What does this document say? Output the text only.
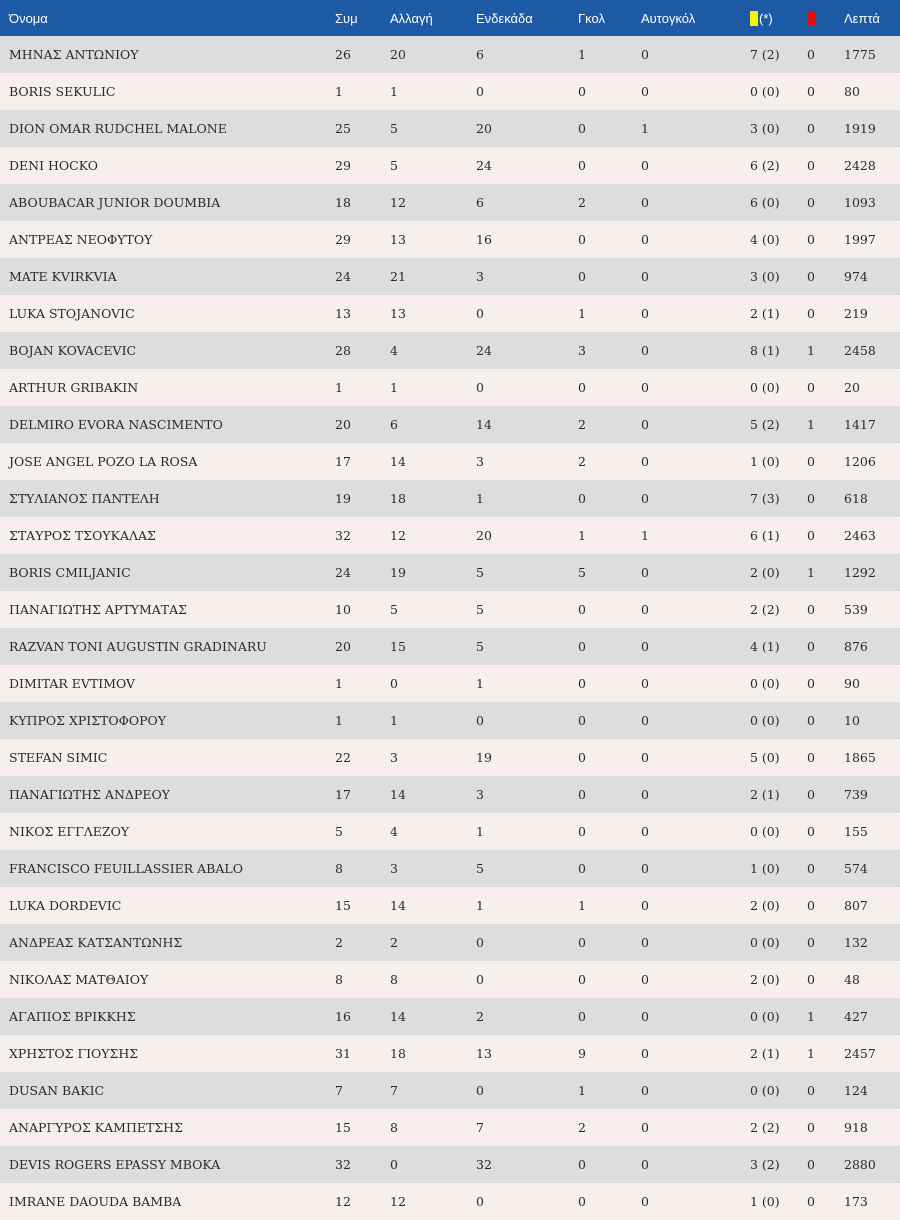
Όνομα	Συμ	Αλλαγή	Ενδεκάδα	Γκολ	Αυτογκόλ	(*)		Λεπτά
ΜΗΝΑΣ ΑΝΤΩΝΙΟΥ	26	20	6	1	0	7 (2)	0	1775
BORIS SEKULIC	1	1	0	0	0	0 (0)	0	80
DION OMAR RUDCHEL MALONE	25	5	20	0	1	3 (0)	0	1919
DENI HOCKO	29	5	24	0	0	6 (2)	0	2428
ABOUBACAR JUNIOR DOUMBIA	18	12	6	2	0	6 (0)	0	1093
ΑΝΤΡΕΑΣ ΝΕΟΦΥΤΟΥ	29	13	16	0	0	4 (0)	0	1997
MATE KVIRKVIA	24	21	3	0	0	3 (0)	0	974
LUKA STOJANOVIC	13	13	0	1	0	2 (1)	0	219
BOJAN KOVACEVIC	28	4	24	3	0	8 (1)	1	2458
ARTHUR GRIBAKIN	1	1	0	0	0	0 (0)	0	20
DELMIRO EVORA NASCIMENTO	20	6	14	2	0	5 (2)	1	1417
JOSE ANGEL POZO LA ROSA	17	14	3	2	0	1 (0)	0	1206
ΣΤΥΛΙΑΝΟΣ ΠΑΝΤΕΛΗ	19	18	1	0	0	7 (3)	0	618
ΣΤΑΥΡΟΣ ΤΣΟΥΚΑΛΑΣ	32	12	20	1	1	6 (1)	0	2463
BORIS CMILJANIC	24	19	5	5	0	2 (0)	1	1292
ΠΑΝΑΓΙΩΤΗΣ ΑΡΤΥΜΑΤΑΣ	10	5	5	0	0	2 (2)	0	539
RAZVAN TONI AUGUSTIN GRADINARU	20	15	5	0	0	4 (1)	0	876
DIMITAR EVTIMOV	1	0	1	0	0	0 (0)	0	90
ΚΥΠΡΟΣ ΧΡΙΣΤΟΦΟΡΟΥ	1	1	0	0	0	0 (0)	0	10
STEFAN SIMIC	22	3	19	0	0	5 (0)	0	1865
ΠΑΝΑΓΙΩΤΗΣ ΑΝΔΡΕΟΥ	17	14	3	0	0	2 (1)	0	739
ΝΙΚΟΣ ΕΓΓΛΕΖΟΥ	5	4	1	0	0	0 (0)	0	155
FRANCISCO FEUILLASSIER ABALO	8	3	5	0	0	1 (0)	0	574
LUKA DORDEVIC	15	14	1	1	0	2 (0)	0	807
ΑΝΔΡΕΑΣ ΚΑΤΣΑΝΤΩΝΗΣ	2	2	0	0	0	0 (0)	0	132
ΝΙΚΟΛΑΣ ΜΑΤΘΑΙΟΥ	8	8	0	0	0	2 (0)	0	48
ΑΓΑΠΙΟΣ ΒΡΙΚΚΗΣ	16	14	2	0	0	0 (0)	1	427
ΧΡΗΣΤΟΣ ΓΙΟΥΣΗΣ	31	18	13	9	0	2 (1)	1	2457
DUSAN BAKIC	7	7	0	1	0	0 (0)	0	124
ΑΝΑΡΓΥΡΟΣ ΚΑΜΠΕΤΣΗΣ	15	8	7	2	0	2 (2)	0	918
DEVIS ROGERS EPASSY MBOKA	32	0	32	0	0	3 (2)	0	2880
IMRANE DAOUDA BAMBA	12	12	0	0	0	1 (0)	0	173
